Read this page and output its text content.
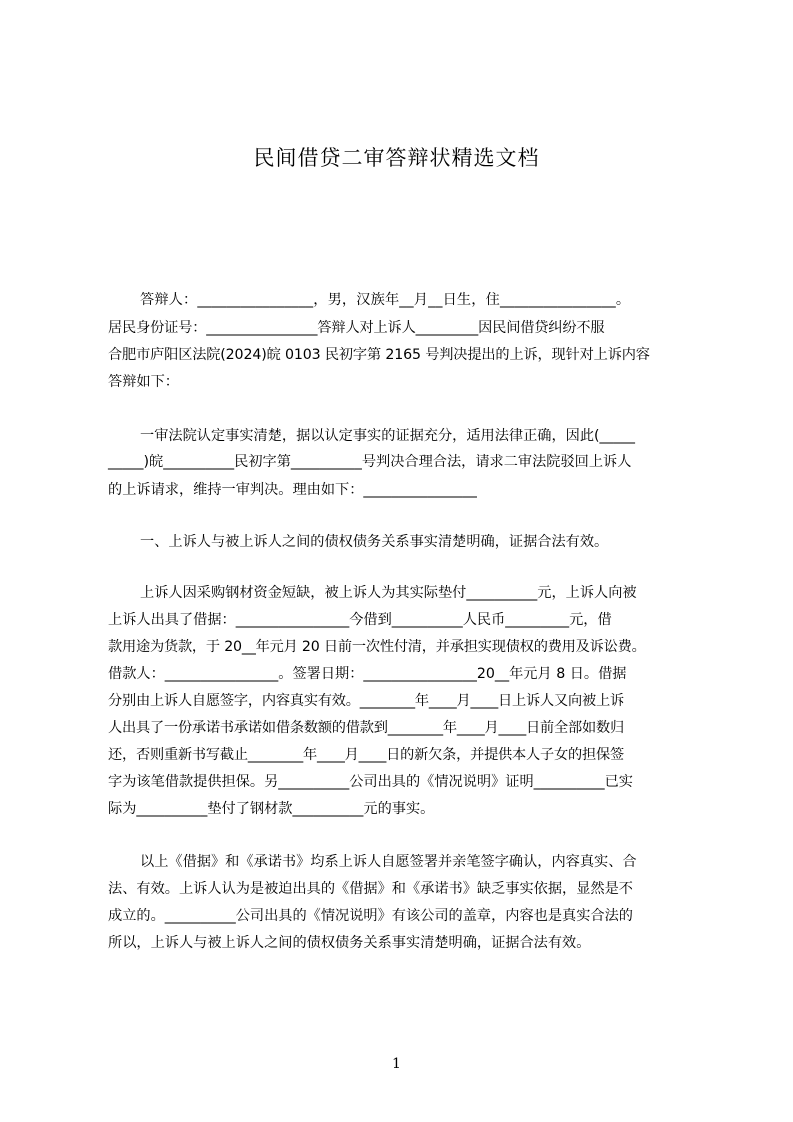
民间借贷二审答辩状精选文档
答辩人：________________，男，汉族年__月__日生，住________________。
居民身份证号：________________答辩人对上诉人_________因民间借贷纠纷不服
合肥市庐阳区法院(2024)皖 0103 民初字第 2165 号判决提出的上诉，现针对上诉内容
答辩如下：
一审法院认定事实清楚，据以认定事实的证据充分，适用法律正确，因此(_____
_____)皖__________民初字第__________号判决合理合法，请求二审法院驳回上诉人
的上诉请求，维持一审判决。理由如下：________________
一、上诉人与被上诉人之间的债权债务关系事实清楚明确，证据合法有效。
上诉人因采购钢材资金短缺，被上诉人为其实际垫付__________元，上诉人向被
上诉人出具了借据：________________今借到__________人民币_________元，借
款用途为货款，于 20__年元月 20 日前一次性付清，并承担实现债权的费用及诉讼费。
借款人：________________。签署日期：________________20__年元月 8 日。借据
分别由上诉人自愿签字，内容真实有效。________年____月____日上诉人又向被上诉
人出具了一份承诺书承诺如借条数额的借款到________年____月____日前全部如数归
还，否则重新书写截止________年____月____日的新欠条，并提供本人子女的担保签
字为该笔借款提供担保。另__________公司出具的《情况说明》证明__________已实
际为__________垫付了钢材款__________元的事实。
以上《借据》和《承诺书》均系上诉人自愿签署并亲笔签字确认，内容真实、合
法、有效。上诉人认为是被迫出具的《借据》和《承诺书》缺乏事实依据，显然是不
成立的。__________公司出具的《情况说明》有该公司的盖章，内容也是真实合法的
所以，上诉人与被上诉人之间的债权债务关系事实清楚明确，证据合法有效。
1
